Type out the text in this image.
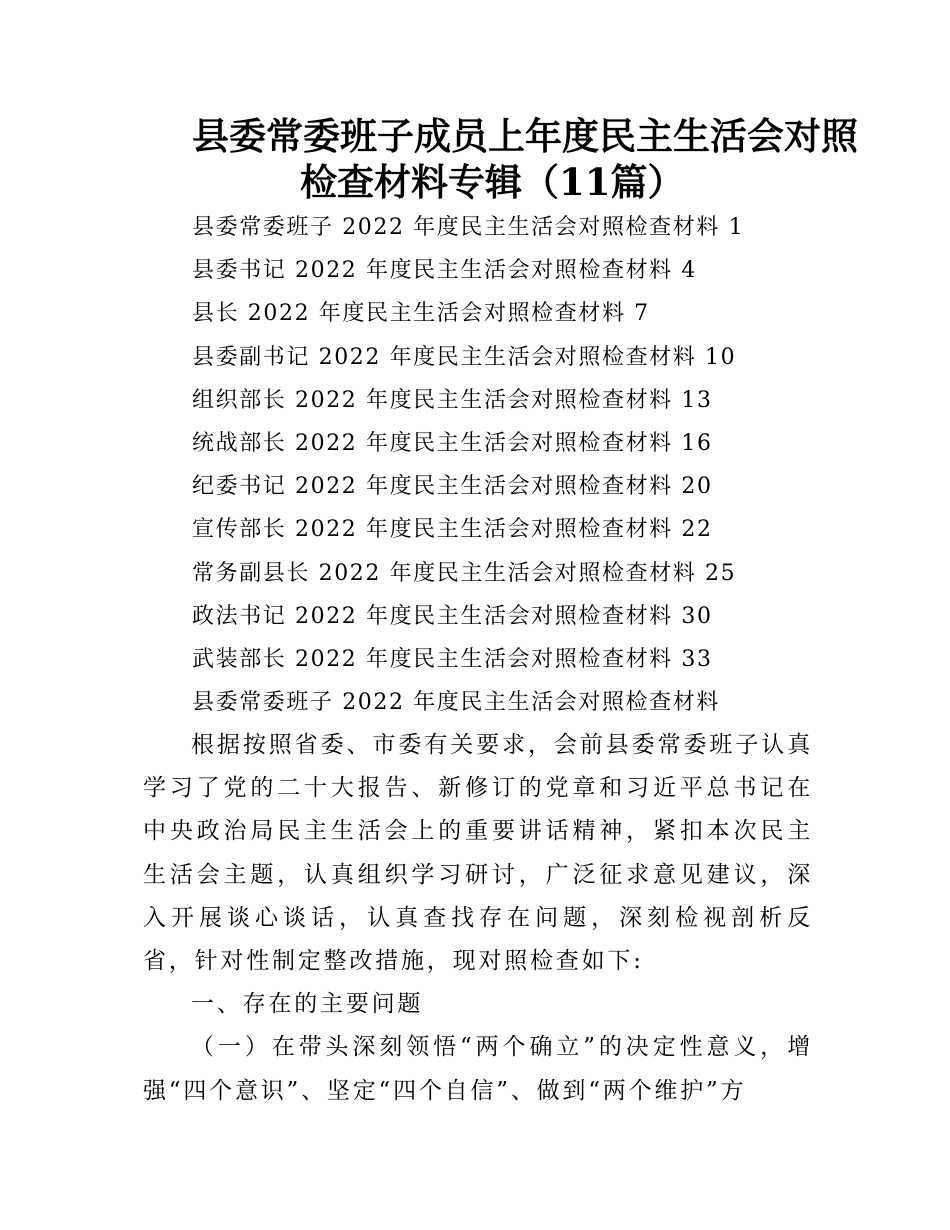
县委常委班子成员上年度民主生活会对照
检查材料专辑（11篇）
县委常委班子 2022 年度民主生活会对照检查材料 1
县委书记 2022 年度民主生活会对照检查材料 4
县长 2022 年度民主生活会对照检查材料 7
县委副书记 2022 年度民主生活会对照检查材料 10
组织部长 2022 年度民主生活会对照检查材料 13
统战部长 2022 年度民主生活会对照检查材料 16
纪委书记 2022 年度民主生活会对照检查材料 20
宣传部长 2022 年度民主生活会对照检查材料 22
常务副县长 2022 年度民主生活会对照检查材料 25
政法书记 2022 年度民主生活会对照检查材料 30
武装部长 2022 年度民主生活会对照检查材料 33
县委常委班子 2022 年度民主生活会对照检查材料

根据按照省委、市委有关要求，会前县委常委班子认真学习了党的二十大报告、新修订的党章和习近平总书记在中央政治局民主生活会上的重要讲话精神，紧扣本次民主生活会主题，认真组织学习研讨，广泛征求意见建议，深入开展谈心谈话，认真查找存在问题，深刻检视剖析反省，针对性制定整改措施，现对照检查如下:

一、存在的主要问题

（一）在带头深刻领悟“两个确立”的决定性意义，增强“四个意识”、坚定“四个自信”、做到“两个维护”方
